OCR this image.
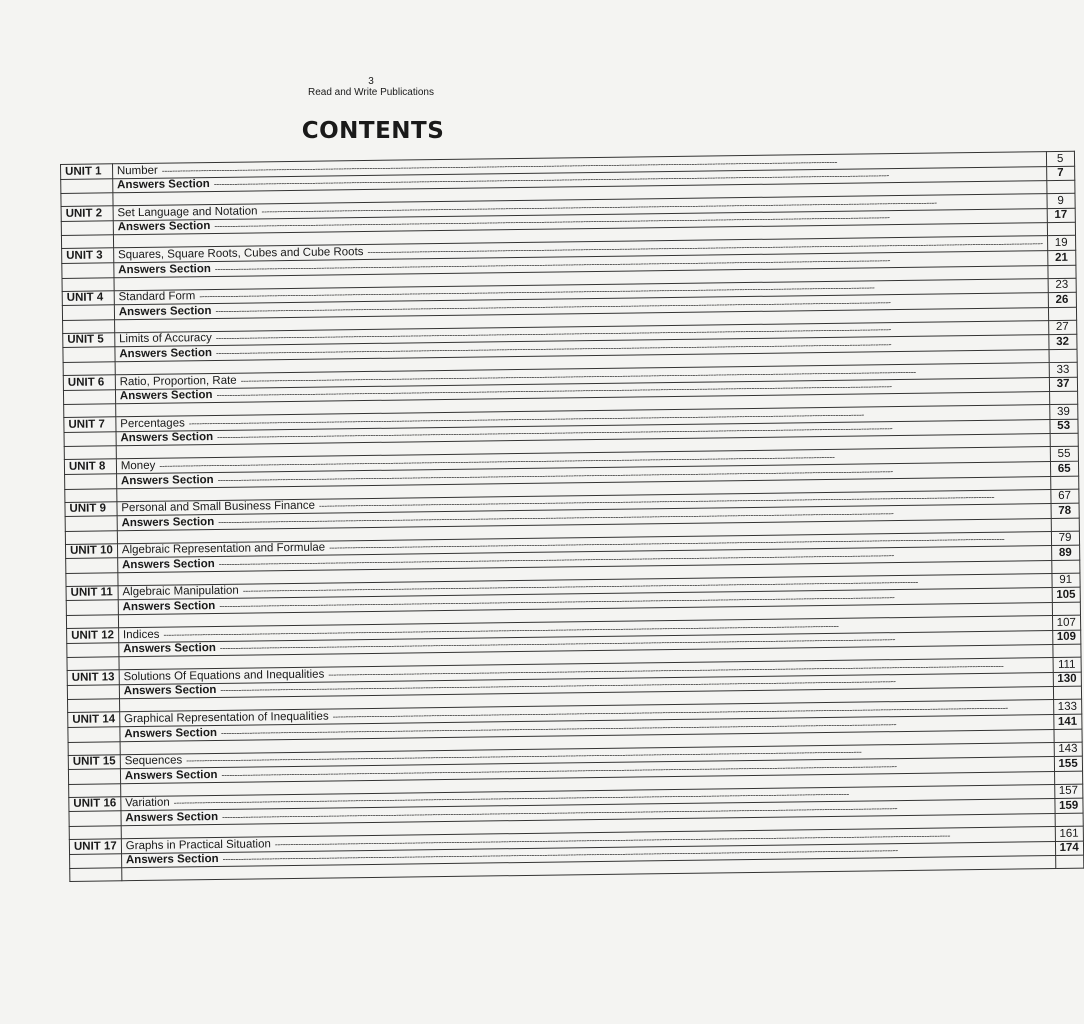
3
Read and Write Publications
CONTENTS
UNIT 1	Number --------------------------------------------------------------------------------------------------------------------------------------------------------------------------------------------------------------------------------------------------------------------	5

	Answers Section --------------------------------------------------------------------------------------------------------------------------------------------------------------------------------------------------------------------------------------------------------------------	7

UNIT 2	Set Language and Notation --------------------------------------------------------------------------------------------------------------------------------------------------------------------------------------------------------------------------------------------------------------------	9

	Answers Section --------------------------------------------------------------------------------------------------------------------------------------------------------------------------------------------------------------------------------------------------------------------	17

UNIT 3	Squares, Square Roots, Cubes and Cube Roots --------------------------------------------------------------------------------------------------------------------------------------------------------------------------------------------------------------------------------------------------------------------	19

	Answers Section --------------------------------------------------------------------------------------------------------------------------------------------------------------------------------------------------------------------------------------------------------------------	21

UNIT 4	Standard Form --------------------------------------------------------------------------------------------------------------------------------------------------------------------------------------------------------------------------------------------------------------------	23

	Answers Section --------------------------------------------------------------------------------------------------------------------------------------------------------------------------------------------------------------------------------------------------------------------	26

UNIT 5	Limits of Accuracy --------------------------------------------------------------------------------------------------------------------------------------------------------------------------------------------------------------------------------------------------------------------	27

	Answers Section --------------------------------------------------------------------------------------------------------------------------------------------------------------------------------------------------------------------------------------------------------------------	32

UNIT 6	Ratio, Proportion, Rate --------------------------------------------------------------------------------------------------------------------------------------------------------------------------------------------------------------------------------------------------------------------	33

	Answers Section --------------------------------------------------------------------------------------------------------------------------------------------------------------------------------------------------------------------------------------------------------------------	37

UNIT 7	Percentages --------------------------------------------------------------------------------------------------------------------------------------------------------------------------------------------------------------------------------------------------------------------	39

	Answers Section --------------------------------------------------------------------------------------------------------------------------------------------------------------------------------------------------------------------------------------------------------------------	53

UNIT 8	Money --------------------------------------------------------------------------------------------------------------------------------------------------------------------------------------------------------------------------------------------------------------------	55

	Answers Section --------------------------------------------------------------------------------------------------------------------------------------------------------------------------------------------------------------------------------------------------------------------	65

UNIT 9	Personal and Small Business Finance --------------------------------------------------------------------------------------------------------------------------------------------------------------------------------------------------------------------------------------------------------------------	67

	Answers Section --------------------------------------------------------------------------------------------------------------------------------------------------------------------------------------------------------------------------------------------------------------------	78

UNIT 10	Algebraic Representation and Formulae --------------------------------------------------------------------------------------------------------------------------------------------------------------------------------------------------------------------------------------------------------------------	79

	Answers Section --------------------------------------------------------------------------------------------------------------------------------------------------------------------------------------------------------------------------------------------------------------------	89

UNIT 11	Algebraic Manipulation --------------------------------------------------------------------------------------------------------------------------------------------------------------------------------------------------------------------------------------------------------------------	91

	Answers Section --------------------------------------------------------------------------------------------------------------------------------------------------------------------------------------------------------------------------------------------------------------------	105

UNIT 12	Indices --------------------------------------------------------------------------------------------------------------------------------------------------------------------------------------------------------------------------------------------------------------------	107

	Answers Section --------------------------------------------------------------------------------------------------------------------------------------------------------------------------------------------------------------------------------------------------------------------	109

UNIT 13	Solutions Of Equations and Inequalities --------------------------------------------------------------------------------------------------------------------------------------------------------------------------------------------------------------------------------------------------------------------	111

	Answers Section --------------------------------------------------------------------------------------------------------------------------------------------------------------------------------------------------------------------------------------------------------------------	130

UNIT 14	Graphical Representation of Inequalities --------------------------------------------------------------------------------------------------------------------------------------------------------------------------------------------------------------------------------------------------------------------	133

	Answers Section --------------------------------------------------------------------------------------------------------------------------------------------------------------------------------------------------------------------------------------------------------------------	141

UNIT 15	Sequences --------------------------------------------------------------------------------------------------------------------------------------------------------------------------------------------------------------------------------------------------------------------	143

	Answers Section --------------------------------------------------------------------------------------------------------------------------------------------------------------------------------------------------------------------------------------------------------------------	155

UNIT 16	Variation --------------------------------------------------------------------------------------------------------------------------------------------------------------------------------------------------------------------------------------------------------------------	157

	Answers Section --------------------------------------------------------------------------------------------------------------------------------------------------------------------------------------------------------------------------------------------------------------------	159

UNIT 17	Graphs in Practical Situation --------------------------------------------------------------------------------------------------------------------------------------------------------------------------------------------------------------------------------------------------------------------	161

	Answers Section --------------------------------------------------------------------------------------------------------------------------------------------------------------------------------------------------------------------------------------------------------------------	174
